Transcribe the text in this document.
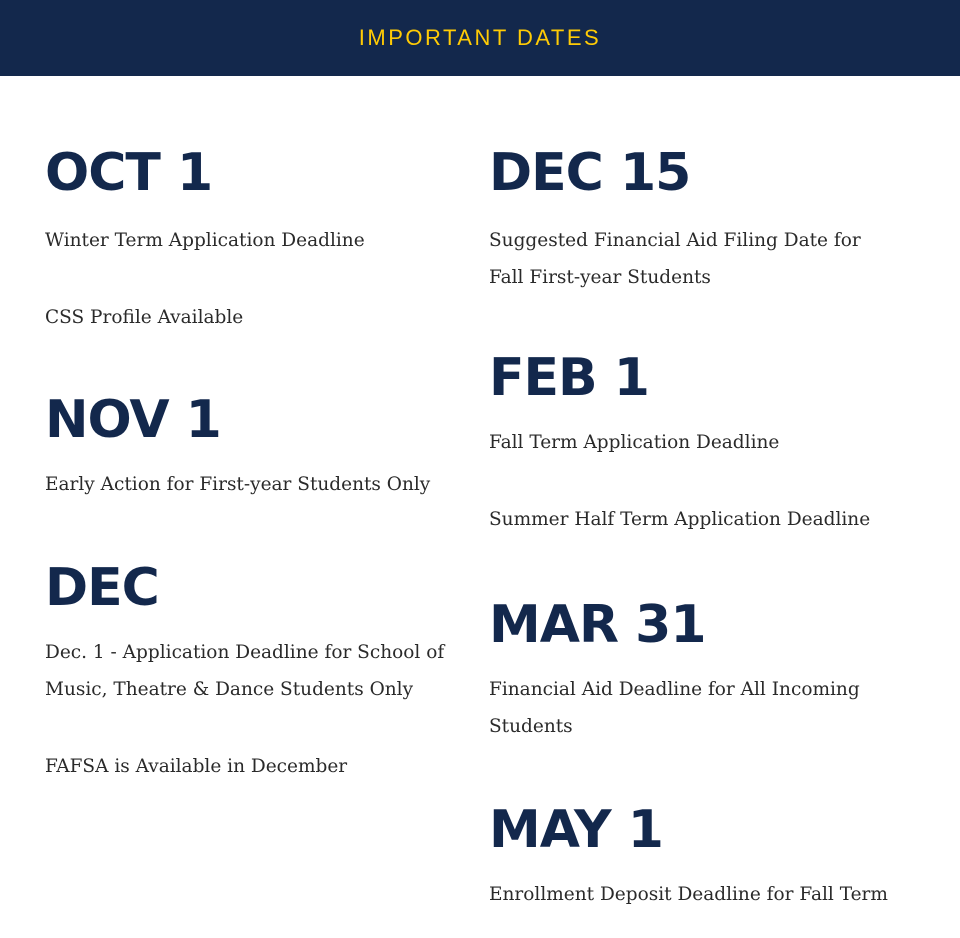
IMPORTANT DATES
OCT 1

Winter Term Application Deadline

CSS Profile Available

NOV 1

Early Action for First-year Students Only

DEC

Dec. 1 - Application Deadline for School of Music, Theatre & Dance Students Only

FAFSA is Available in December

DEC 15

Suggested Financial Aid Filing Date for Fall First-year Students

FEB 1

Fall Term Application Deadline

Summer Half Term Application Deadline

MAR 31

Financial Aid Deadline for All Incoming Students

MAY 1

Enrollment Deposit Deadline for Fall Term
